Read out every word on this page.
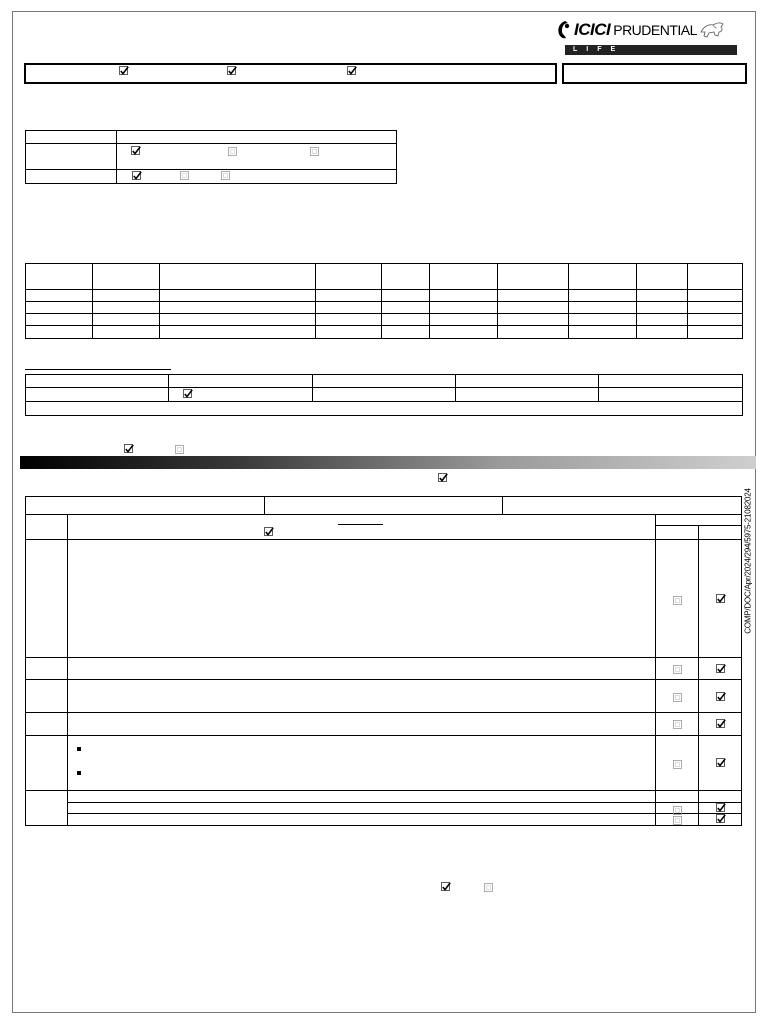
ICICI PRUDENTIAL
LIFE INSURANCE

COMP/DOC/Apr/2024/294/5975-21082024
